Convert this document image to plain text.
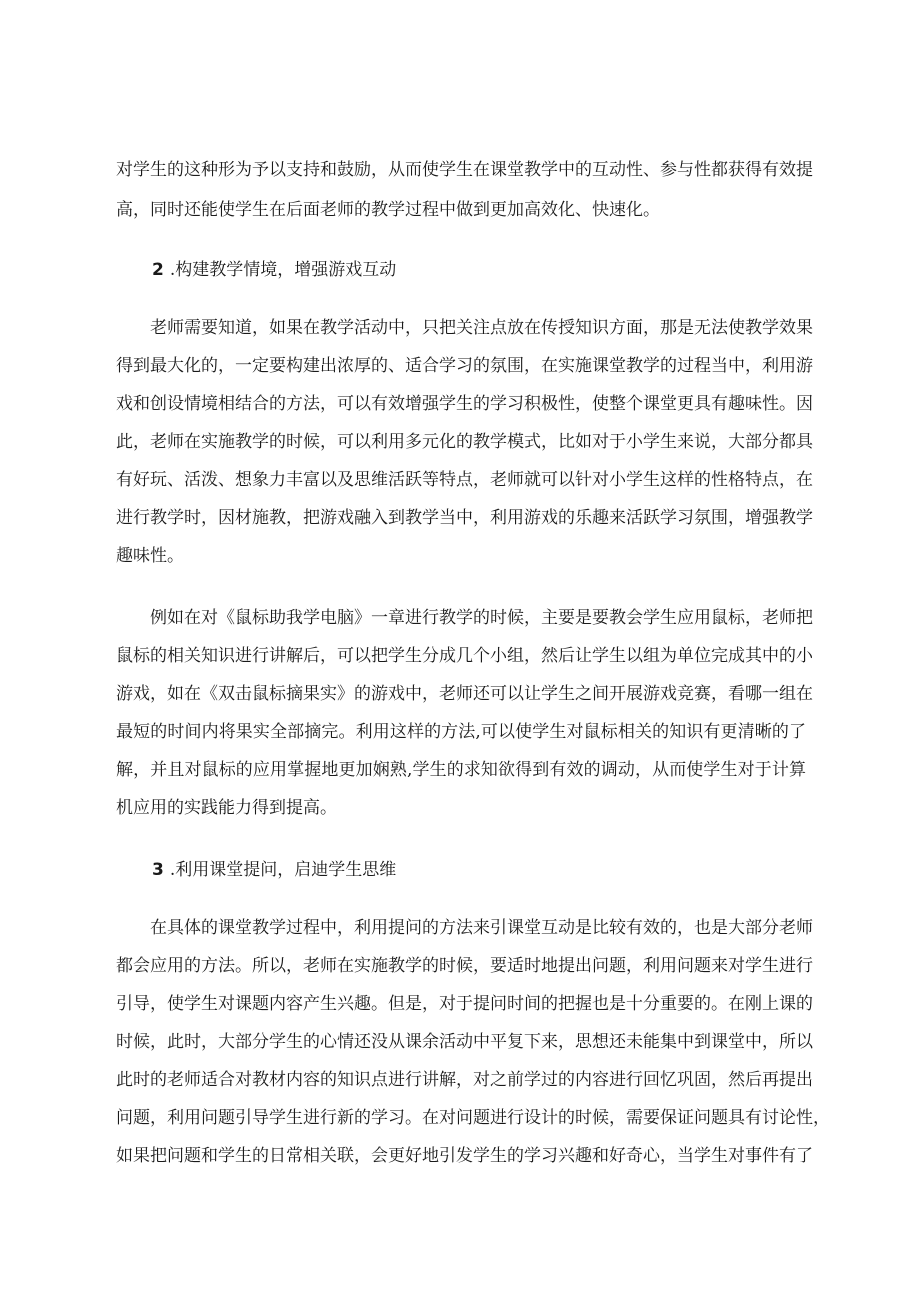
对学生的这种形为予以支持和鼓励，从而使学生在课堂教学中的互动性、参与性都获得有效提
高，同时还能使学生在后面老师的教学过程中做到更加高效化、快速化。
2 .构建教学情境，增强游戏互动
老师需要知道，如果在教学活动中，只把关注点放在传授知识方面，那是无法使教学效果
得到最大化的，一定要构建出浓厚的、适合学习的氛围，在实施课堂教学的过程当中，利用游
戏和创设情境相结合的方法，可以有效增强学生的学习积极性，使整个课堂更具有趣味性。因
此，老师在实施教学的时候，可以利用多元化的教学模式，比如对于小学生来说，大部分都具
有好玩、活泼、想象力丰富以及思维活跃等特点，老师就可以针对小学生这样的性格特点，在
进行教学时，因材施教，把游戏融入到教学当中，利用游戏的乐趣来活跃学习氛围，增强教学
趣味性。
例如在对《鼠标助我学电脑》一章进行教学的时候，主要是要教会学生应用鼠标，老师把
鼠标的相关知识进行讲解后，可以把学生分成几个小组，然后让学生以组为单位完成其中的小
游戏，如在《双击鼠标摘果实》的游戏中，老师还可以让学生之间开展游戏竞赛，看哪一组在
最短的时间内将果实全部摘完。利用这样的方法,可以使学生对鼠标相关的知识有更清晰的了
解，并且对鼠标的应用掌握地更加娴熟,学生的求知欲得到有效的调动，从而使学生对于计算
机应用的实践能力得到提高。
3 .利用课堂提问，启迪学生思维
在具体的课堂教学过程中，利用提问的方法来引课堂互动是比较有效的，也是大部分老师
都会应用的方法。所以，老师在实施教学的时候，要适时地提出问题，利用问题来对学生进行
引导，使学生对课题内容产生兴趣。但是，对于提问时间的把握也是十分重要的。在刚上课的
时候，此时，大部分学生的心情还没从课余活动中平复下来，思想还未能集中到课堂中，所以
此时的老师适合对教材内容的知识点进行讲解，对之前学过的内容进行回忆巩固，然后再提出
问题，利用问题引导学生进行新的学习。在对问题进行设计的时候，需要保证问题具有讨论性，
如果把问题和学生的日常相关联，会更好地引发学生的学习兴趣和好奇心，当学生对事件有了
